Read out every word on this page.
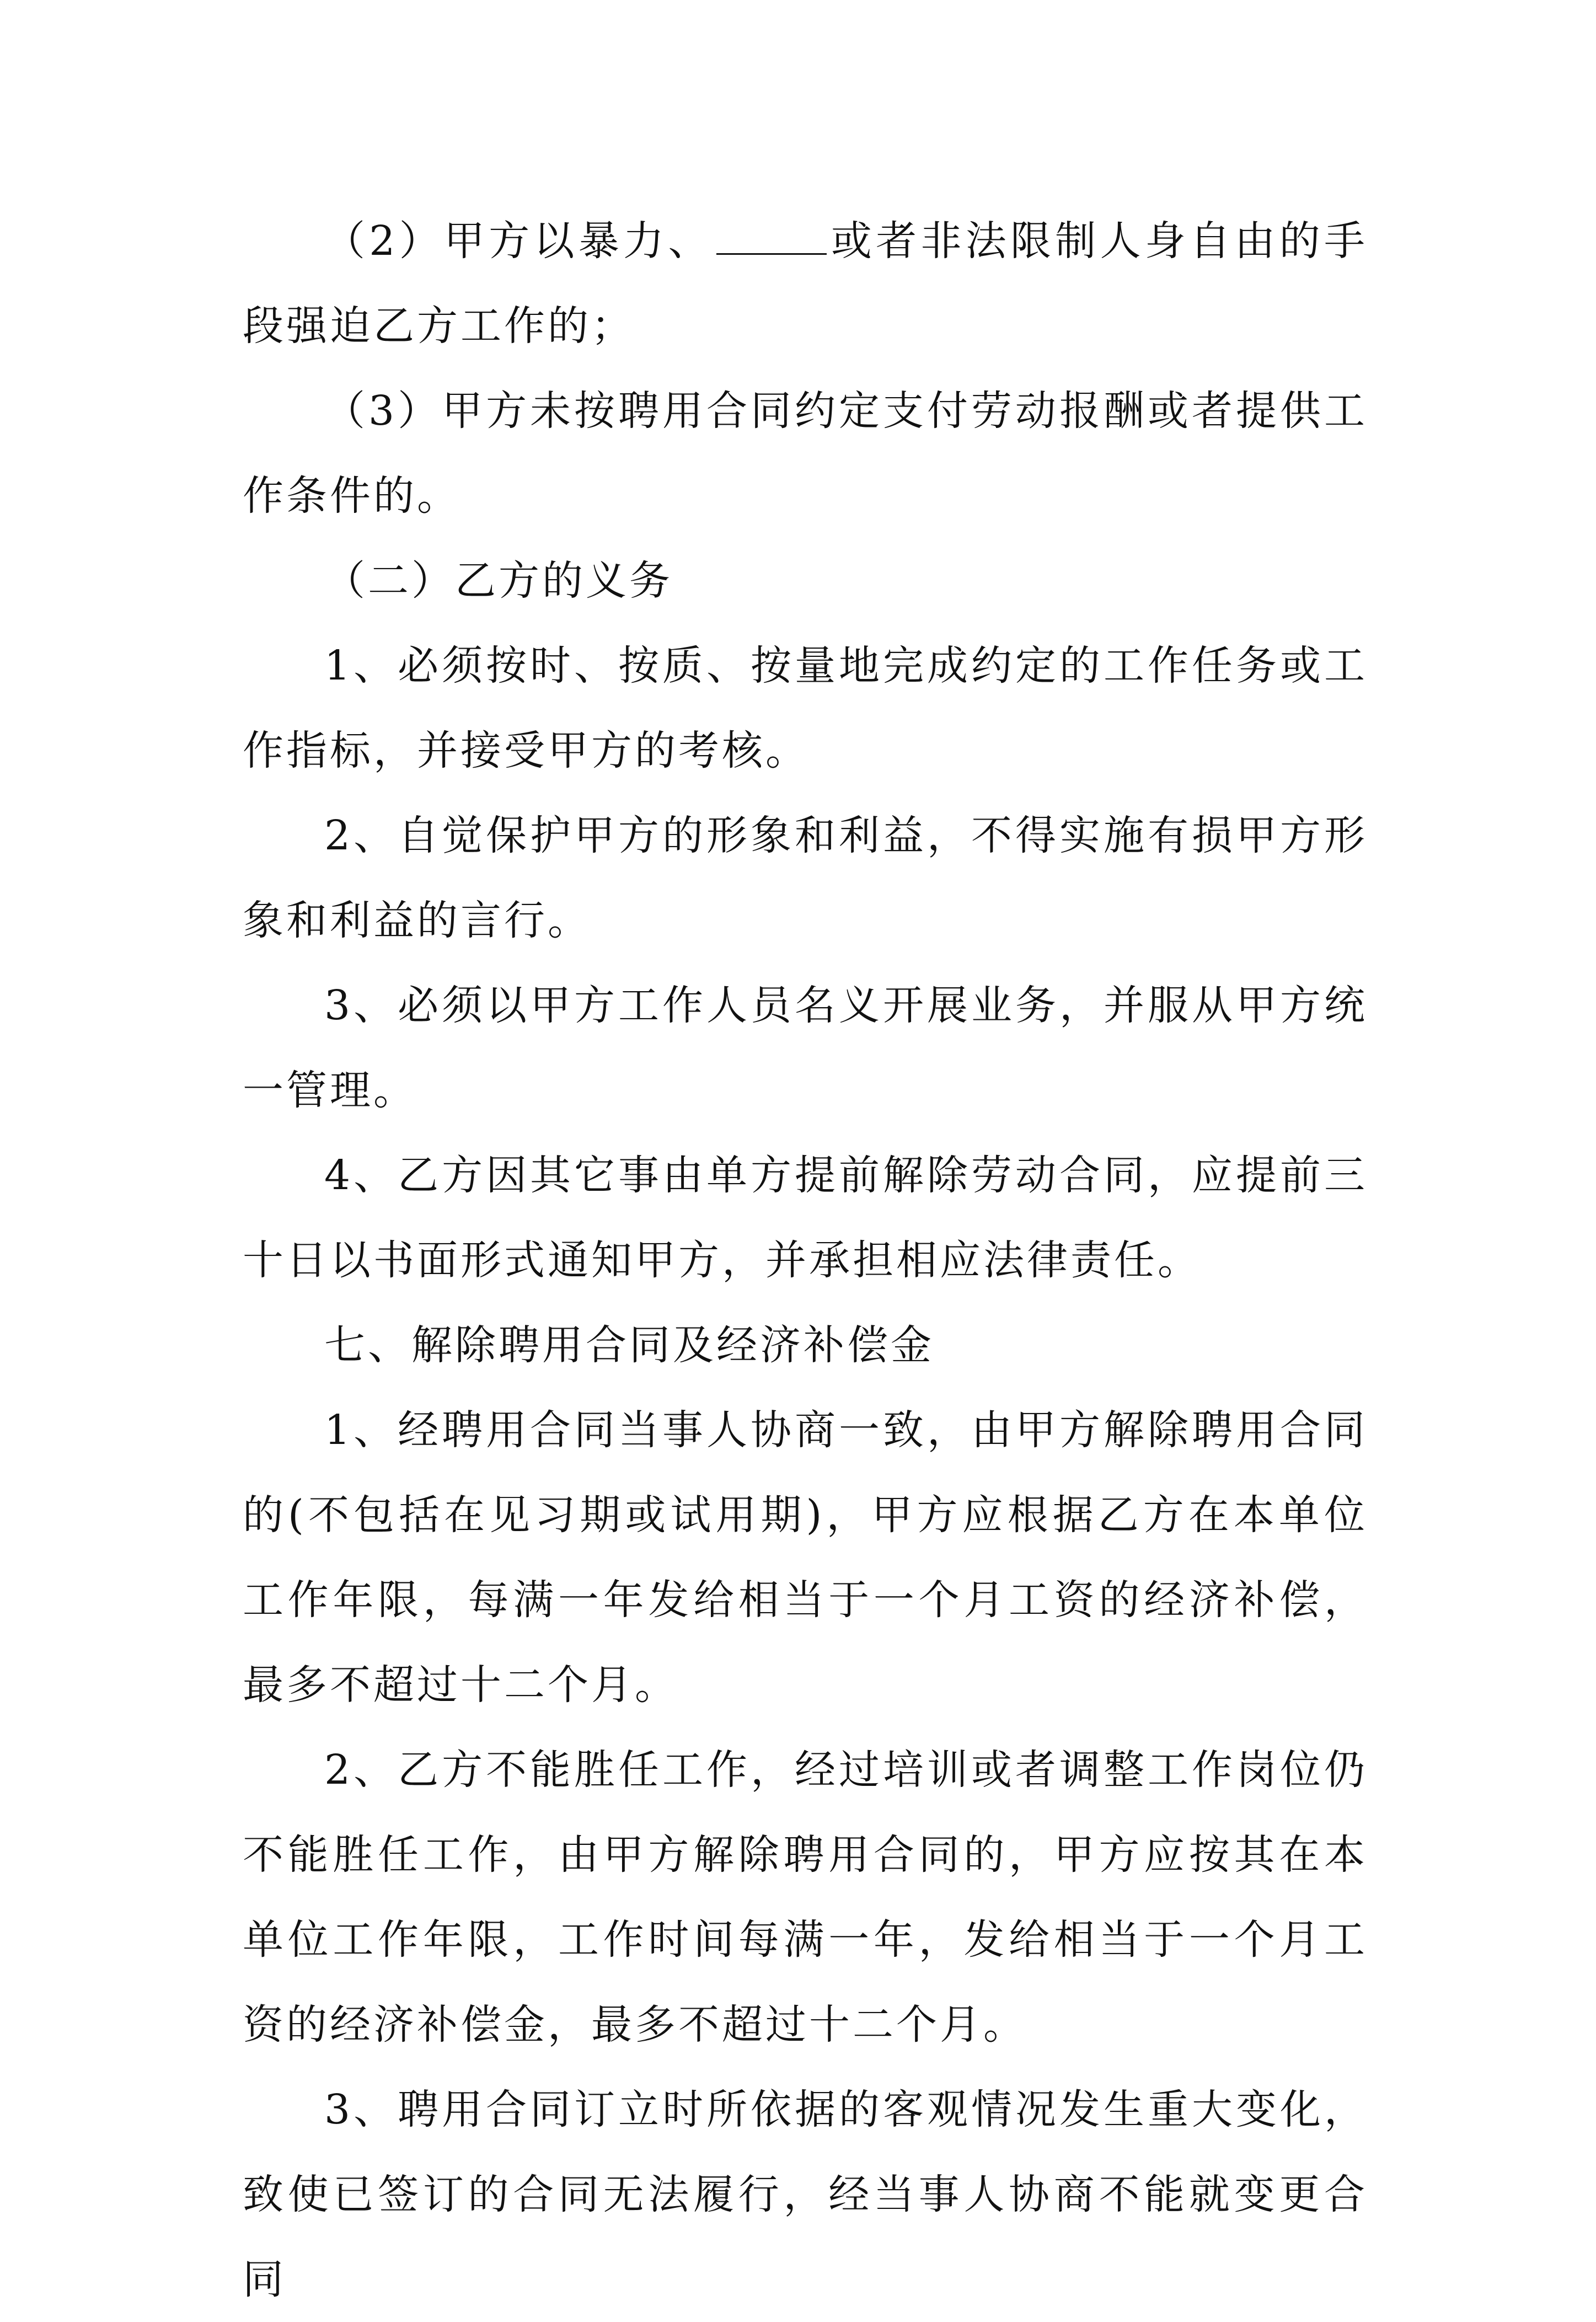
（2）甲方以暴力、	或者非法限制人身自由的手段强迫乙方工作的；

（3）甲方未按聘用合同约定支付劳动报酬或者提供工作条件的。

（二）乙方的义务

1、必须按时、按质、按量地完成约定的工作任务或工作指标，并接受甲方的考核。

2、自觉保护甲方的形象和利益，不得实施有损甲方形象和利益的言行。

3、必须以甲方工作人员名义开展业务，并服从甲方统一管理。

4、乙方因其它事由单方提前解除劳动合同，应提前三十日以书面形式通知甲方，并承担相应法律责任。

七、解除聘用合同及经济补偿金

1、经聘用合同当事人协商一致，由甲方解除聘用合同的(不包括在见习期或试用期)，甲方应根据乙方在本单位工作年限，每满一年发给相当于一个月工资的经济补偿，最多不超过十二个月。

2、乙方不能胜任工作，经过培训或者调整工作岗位仍不能胜任工作，由甲方解除聘用合同的，甲方应按其在本单位工作年限，工作时间每满一年，发给相当于一个月工资的经济补偿金，最多不超过十二个月。

3、聘用合同订立时所依据的客观情况发生重大变化，致使已签订的合同无法履行，经当事人协商不能就变更合同
